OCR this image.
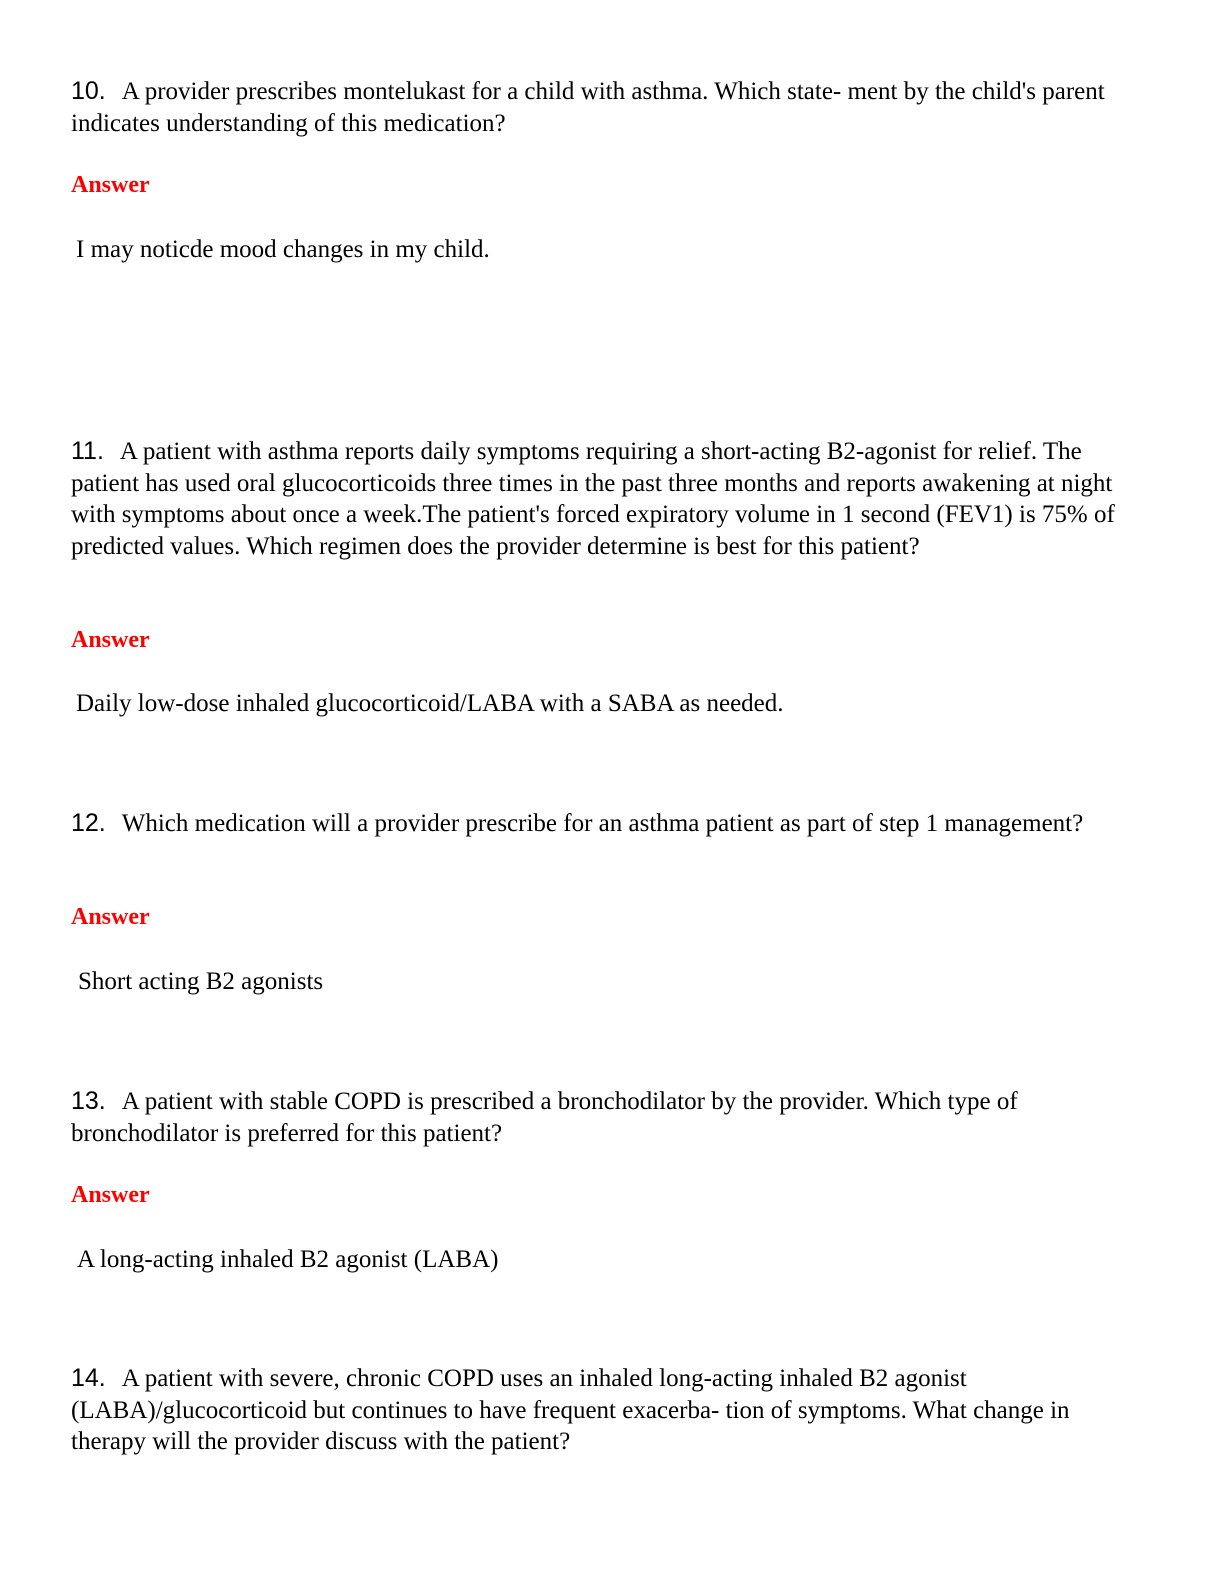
10. A provider prescribes montelukast for a child with asthma. Which state- ment by the child's parent indicates understanding of this medication?

Answer

I may noticde mood changes in my child.

11. A patient with asthma reports daily symptoms requiring a short-acting B2-agonist for relief. The patient has used oral glucocorticoids three times in the past three months and reports awakening at night with symptoms about once a week.The patient's forced expiratory volume in 1 second (FEV1) is 75% of predicted values. Which regimen does the provider determine is best for this patient?

Answer

Daily low-dose inhaled glucocorticoid/LABA with a SABA as needed.

12. Which medication will a provider prescribe for an asthma patient as part of step 1 management?

Answer

Short acting B2 agonists

13. A patient with stable COPD is prescribed a bronchodilator by the provider. Which type of bronchodilator is preferred for this patient?

Answer

A long-acting inhaled B2 agonist (LABA)

14. A patient with severe, chronic COPD uses an inhaled long-acting inhaled B2 agonist (LABA)/glucocorticoid but continues to have frequent exacerba- tion of symptoms. What change in therapy will the provider discuss with the patient?
